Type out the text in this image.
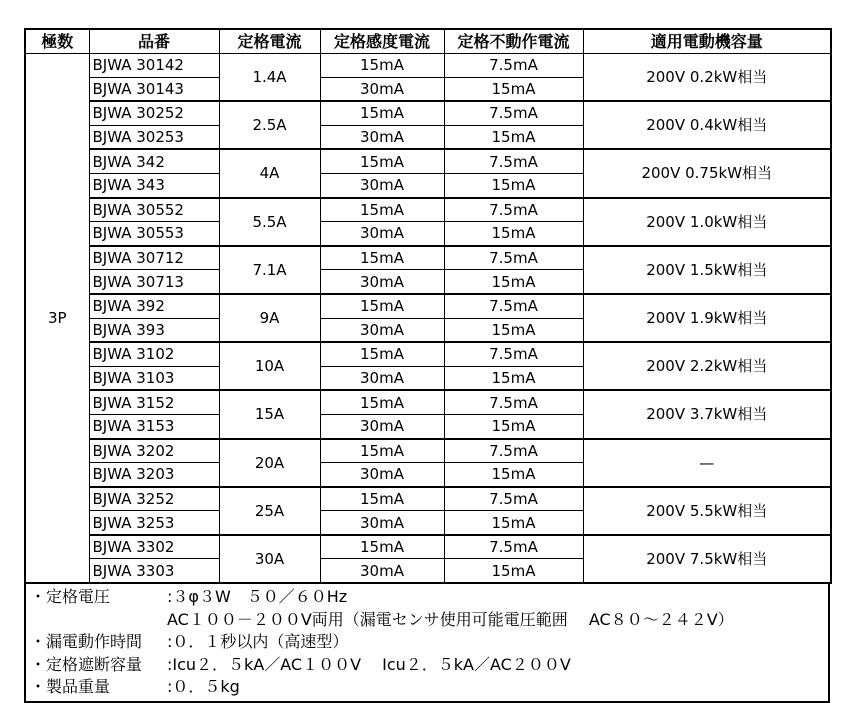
極数	品番	定格電流	定格感度電流	定格不動作電流	適用電動機容量
3P	BJWA 30142	1.4A	15mA	7.5mA	200V 0.2kW相当
	BJWA 30143		30mA	15mA	
	BJWA 30252	2.5A	15mA	7.5mA	200V 0.4kW相当
	BJWA 30253		30mA	15mA	
	BJWA 342	4A	15mA	7.5mA	200V 0.75kW相当
	BJWA 343		30mA	15mA	
	BJWA 30552	5.5A	15mA	7.5mA	200V 1.0kW相当
	BJWA 30553		30mA	15mA	
	BJWA 30712	7.1A	15mA	7.5mA	200V 1.5kW相当
	BJWA 30713		30mA	15mA	
	BJWA 392	9A	15mA	7.5mA	200V 1.9kW相当
	BJWA 393		30mA	15mA	
	BJWA 3102	10A	15mA	7.5mA	200V 2.2kW相当
	BJWA 3103		30mA	15mA	
	BJWA 3152	15A	15mA	7.5mA	200V 3.7kW相当
	BJWA 3153		30mA	15mA	
	BJWA 3202	20A	15mA	7.5mA	—
	BJWA 3203		30mA	15mA	
	BJWA 3252	25A	15mA	7.5mA	200V 5.5kW相当
	BJWA 3253		30mA	15mA	
	BJWA 3302	30A	15mA	7.5mA	200V 7.5kW相当
	BJWA 3303		30mA	15mA	
・定格電圧	:３φ３W　５０／６０Hz
AC１００－２００V両用（漏電センサ使用可能電圧範囲　 AC８０～２４２V）
・漏電動作時間	:０．１秒以内（高速型）
・定格遮断容量	:Icu２．５kA／AC１００V　 Icu２．５kA／AC２００V
・製品重量	:０．５kg
